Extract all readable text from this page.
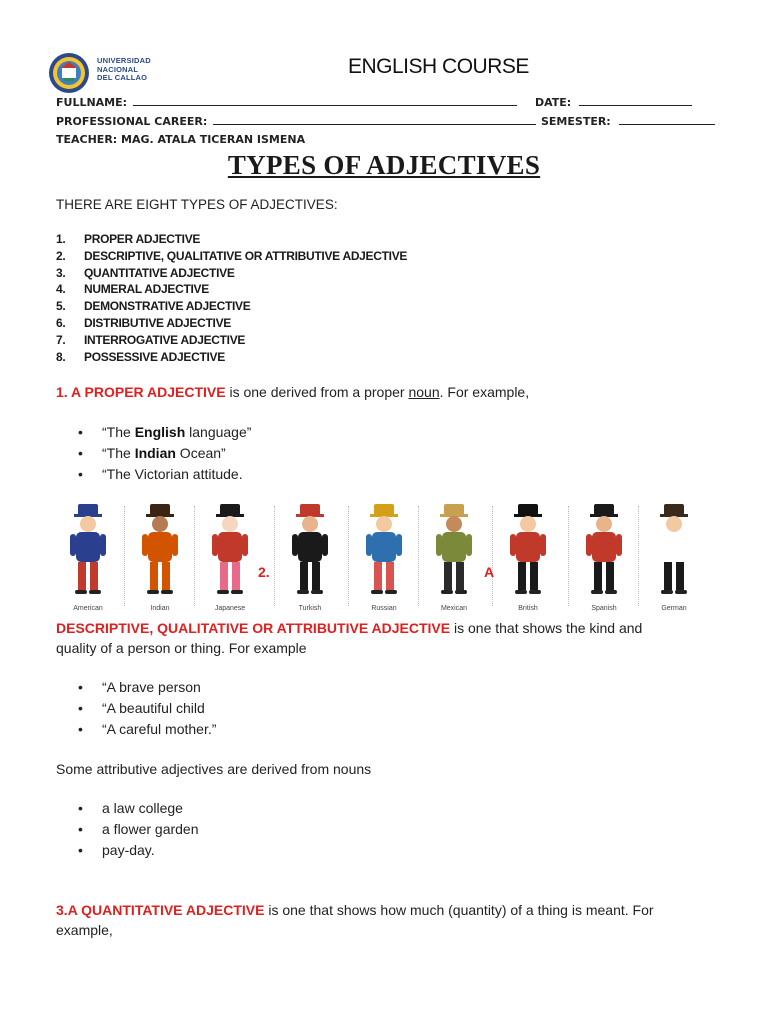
UNIVERSIDAD
NACIONAL
DEL CALLAO	ENGLISH COURSE
FULLNAME:	DATE:
PROFESSIONAL CAREER:	SEMESTER:
TEACHER: MAG. ATALA TICERAN ISMENA
TYPES OF ADJECTIVES
THERE ARE EIGHT TYPES OF ADJECTIVES:
1. PROPER ADJECTIVE
2. DESCRIPTIVE, QUALITATIVE OR ATTRIBUTIVE ADJECTIVE
3. QUANTITATIVE ADJECTIVE
4. NUMERAL ADJECTIVE
5. DEMONSTRATIVE ADJECTIVE
6. DISTRIBUTIVE ADJECTIVE
7. INTERROGATIVE ADJECTIVE
8. POSSESSIVE ADJECTIVE
1. A PROPER ADJECTIVE is one derived from a proper noun. For example,
• “The English language”
• “The Indian Ocean”
• “The Victorian attitude.
American	Indian	Japanese	Turkish	Russian	Mexican	British	Spanish	German
2.	A
DESCRIPTIVE, QUALITATIVE OR ATTRIBUTIVE ADJECTIVE is one that shows the kind and
quality of a person or thing. For example
• “A brave person
• “A beautiful child
• “A careful mother.”
Some attributive adjectives are derived from nouns
• a law college
• a flower garden
• pay-day.
3.A QUANTITATIVE ADJECTIVE is one that shows how much (quantity) of a thing is meant. For
example,
